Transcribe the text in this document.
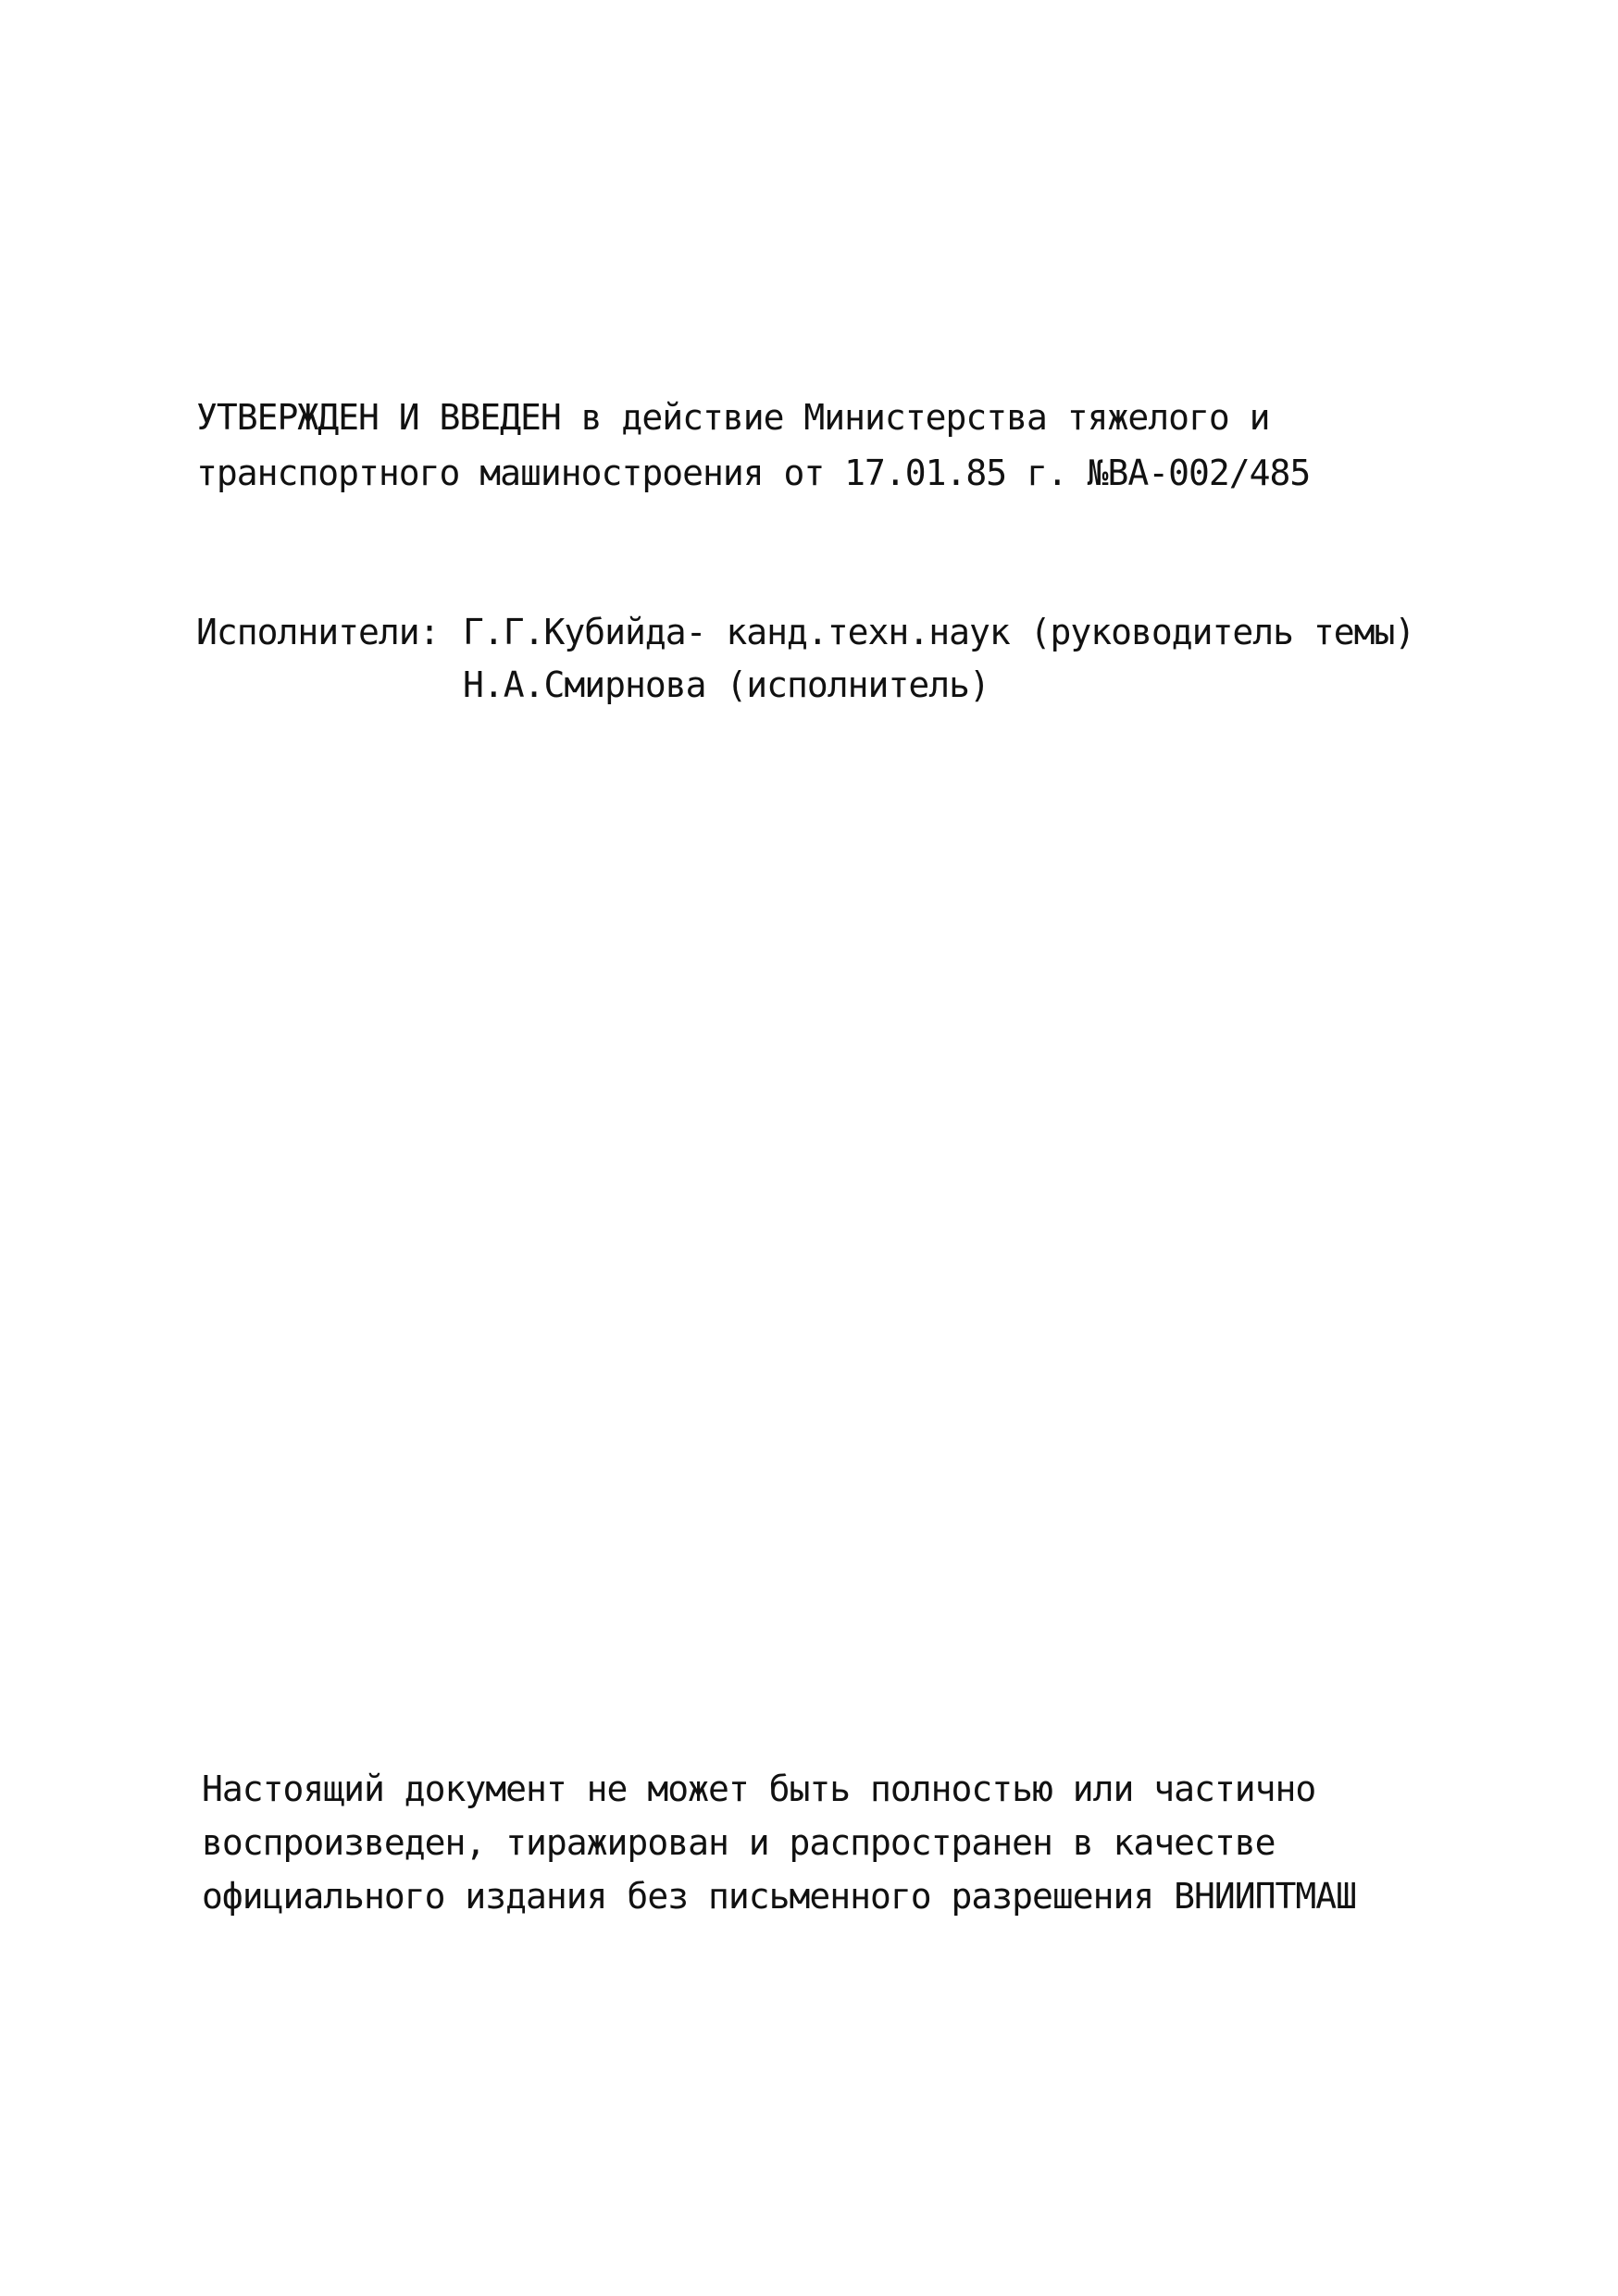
УТВЕРЖДЕН И ВВЕДЕН в действие Министерства тяжелого и
транспортного машиностроения от 17.01.85 г. №ВА-002/485
Исполнители: Г.Г.Кубийда- канд.техн.наук (руководитель темы)
Н.А.Смирнова (исполнитель)
Настоящий документ не может быть полностью или частично
воспроизведен, тиражирован и распространен в качестве
официального издания без письменного разрешения ВНИИПТМАШ
